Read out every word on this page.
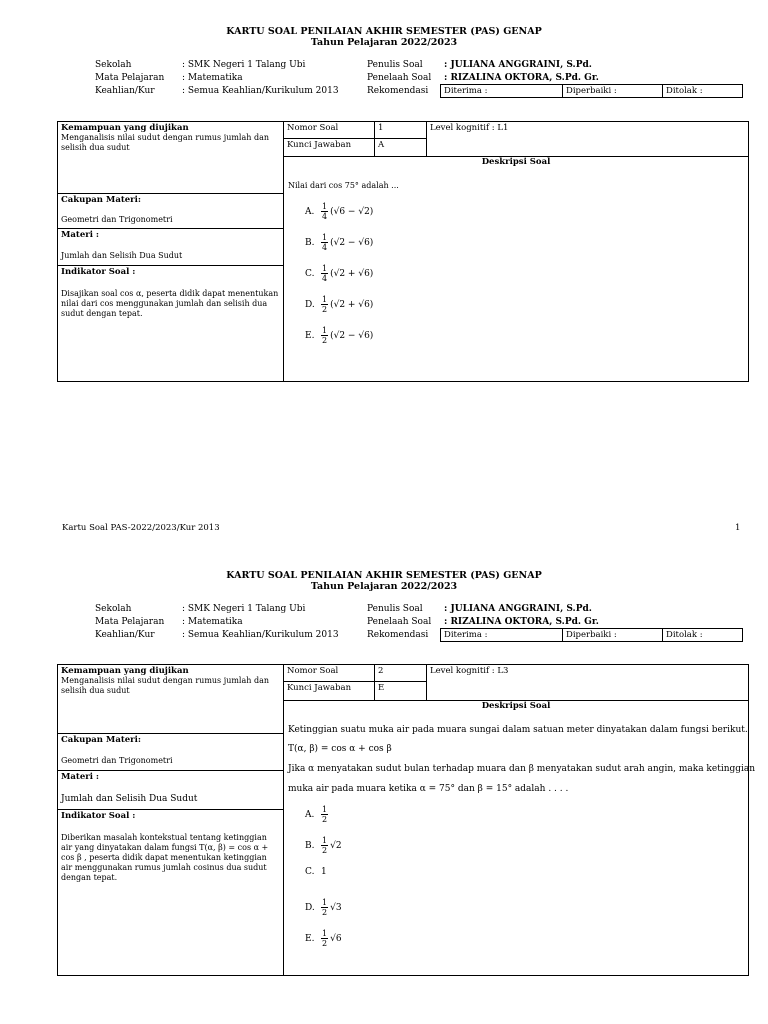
KARTU SOAL PENILAIAN AKHIR SEMESTER (PAS) GENAP
Tahun Pelajaran 2022/2023
Sekolah	: SMK Negeri 1 Talang Ubi
Mata Pelajaran : Matematika
Keahlian/Kur	: Semua Keahlian/Kurikulum 2013
Penulis Soal : JULIANA ANGGRAINI, S.Pd.
Penelaah Soal : RIZALINA OKTORA, S.Pd. Gr.
Rekomendasi	Diterima :	Diperbaiki :	Ditolak :
Kemampuan yang diujikan
Menganalisis nilai sudut dengan rumus jumlah dan selisih dua sudut
Cakupan Materi:
Geometri dan Trigonometri
Materi :
Jumlah dan Selisih Dua Sudut
Indikator Soal :
Disajikan soal cos α, peserta didik dapat menentukan nilai dari cos menggunakan jumlah dan selisih dua sudut dengan tepat.
Nomor Soal	1	Level kognitif : L1
Kunci Jawaban	A
Deskripsi Soal
Nilai dari cos 75° adalah ...
A. $\frac{1}{4} (√6 - √2)$
B. $\frac{1}{4} (√2 - √6)$
C. $\frac{1}{4} (√2 + √6)$
D. $\frac{1}{2} (√2 + √6)$
E. $\frac{1}{2} (√2 - √6)$
Kartu Soal PAS-2022/2023/Kur 2013	1
KARTU SOAL PENILAIAN AKHIR SEMESTER (PAS) GENAP
Tahun Pelajaran 2022/2023
Sekolah	: SMK Negeri 1 Talang Ubi
Mata Pelajaran : Matematika
Keahlian/Kur	: Semua Keahlian/Kurikulum 2013
Penulis Soal : JULIANA ANGGRAINI, S.Pd.
Penelaah Soal : RIZALINA OKTORA, S.Pd. Gr.
Rekomendasi	Diterima :	Diperbaiki :	Ditolak :
Kemampuan yang diujikan
Menganalisis nilai sudut dengan rumus jumlah dan selisih dua sudut
Cakupan Materi:
Geometri dan Trigonometri
Materi :
Jumlah dan Selisih Dua Sudut
Indikator Soal :
Diberikan masalah kontekstual tentang ketinggian air yang dinyatakan dalam fungsi T(α, β) = cos α + cos β , peserta didik dapat menentukan ketinggian air menggunakan rumus jumlah cosinus dua sudut dengan tepat.
Nomor Soal	2	Level kognitif : L3
Kunci Jawaban	E
Deskripsi Soal
Ketinggian suatu muka air pada muara sungai dalam satuan meter dinyatakan dalam fungsi berikut.
T(α, β) = cos α + cos β
Jika α menyatakan sudut bulan terhadap muara dan β menyatakan sudut arah angin, maka ketinggian
muka air pada muara ketika α = 75° dan β = 15° adalah . . . .
A. $\frac{1}{2}$
B. $\frac{1}{2} √2$
C. 1
D. $\frac{1}{2} √3$
E. $\frac{1}{2} √6$
